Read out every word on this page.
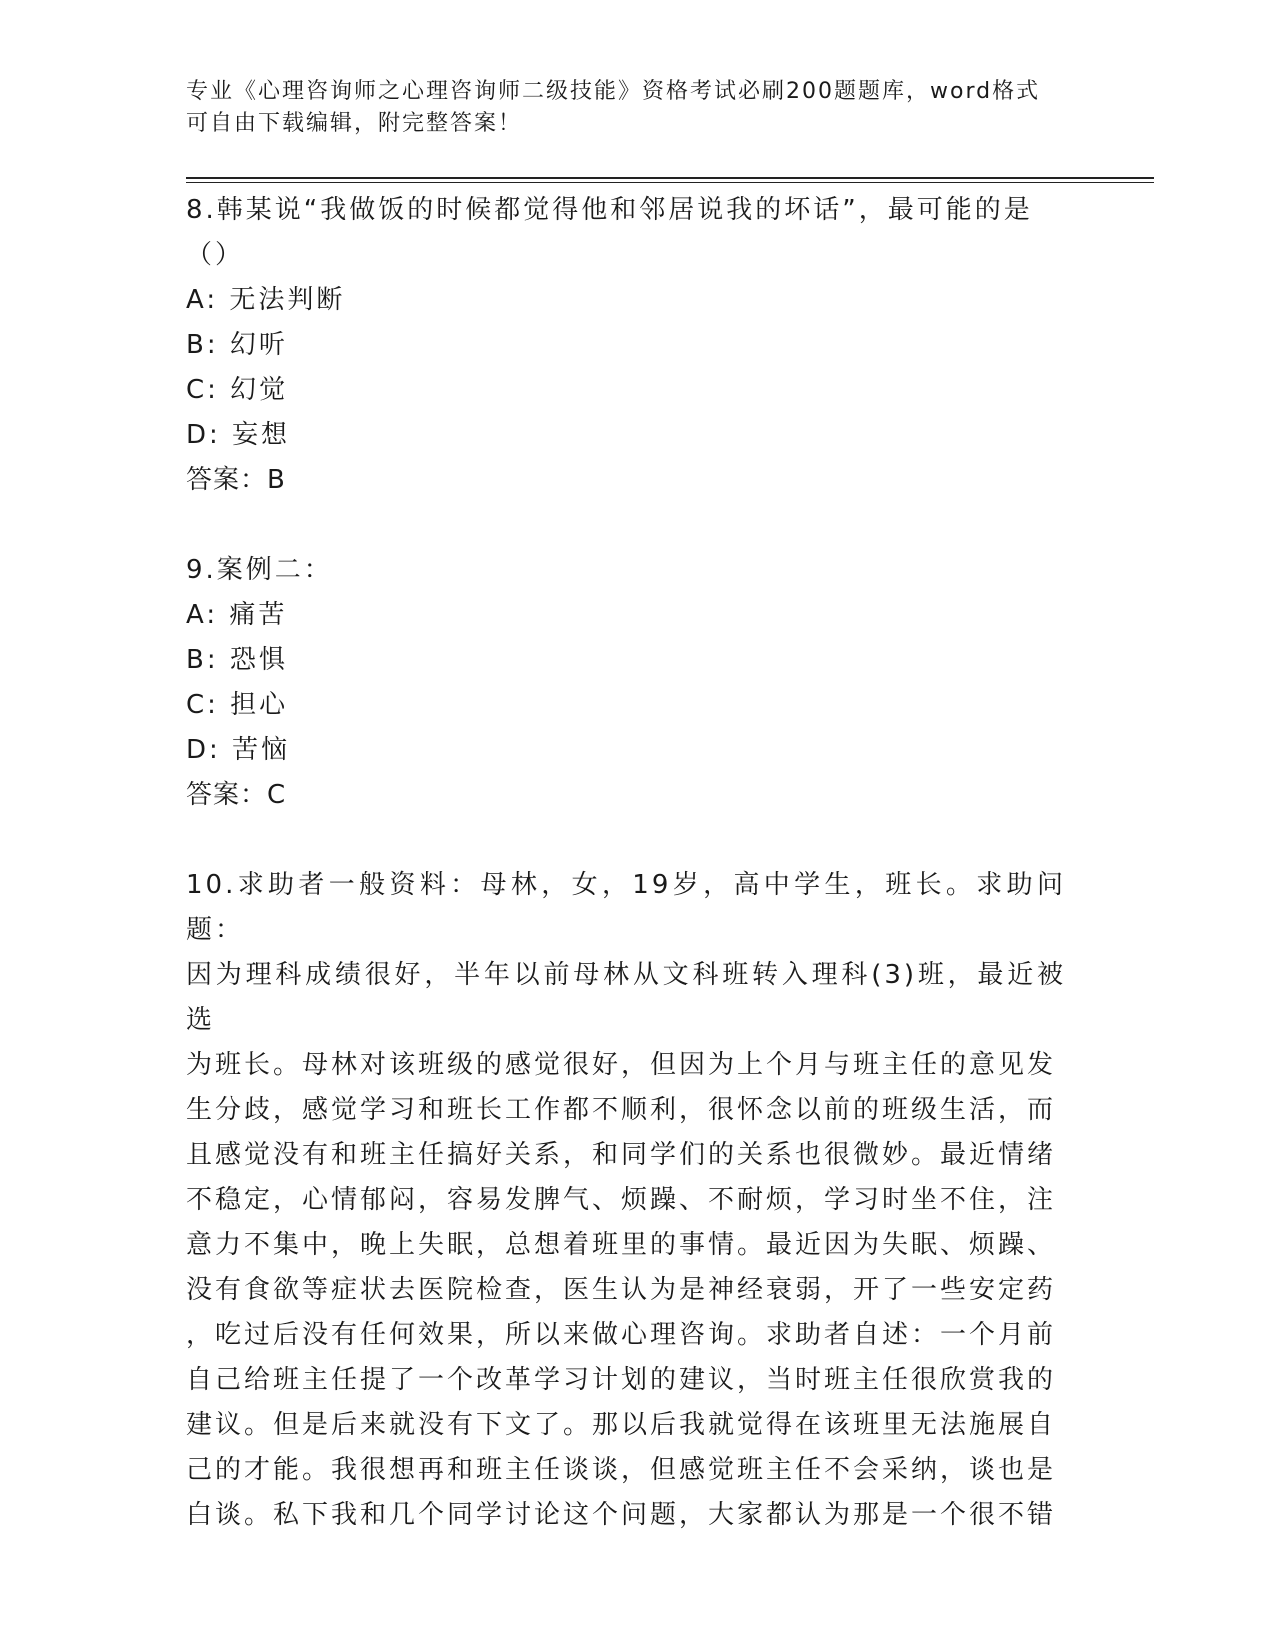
专业《心理咨询师之心理咨询师二级技能》资格考试必刷200题题库，word格式
可自由下载编辑，附完整答案！

8.韩某说“我做饭的时候都觉得他和邻居说我的坏话”，最可能的是

（）

A: 无法判断

B: 幻听

C: 幻觉

D: 妄想

答案：B

9.案例二：

A: 痛苦

B: 恐惧

C: 担心

D: 苦恼

答案：C

10.求助者一般资料：母林，女，19岁，高中学生，班长。求助问题：

因为理科成绩很好，半年以前母林从文科班转入理科(3)班，最近被选

为班长。母林对该班级的感觉很好，但因为上个月与班主任的意见发

生分歧，感觉学习和班长工作都不顺利，很怀念以前的班级生活，而

且感觉没有和班主任搞好关系，和同学们的关系也很微妙。最近情绪

不稳定，心情郁闷，容易发脾气、烦躁、不耐烦，学习时坐不住，注

意力不集中，晚上失眠，总想着班里的事情。最近因为失眠、烦躁、

没有食欲等症状去医院检查，医生认为是神经衰弱，开了一些安定药

，吃过后没有任何效果，所以来做心理咨询。求助者自述：一个月前

自己给班主任提了一个改革学习计划的建议，当时班主任很欣赏我的

建议。但是后来就没有下文了。那以后我就觉得在该班里无法施展自

己的才能。我很想再和班主任谈谈，但感觉班主任不会采纳，谈也是

白谈。私下我和几个同学讨论这个问题，大家都认为那是一个很不错
